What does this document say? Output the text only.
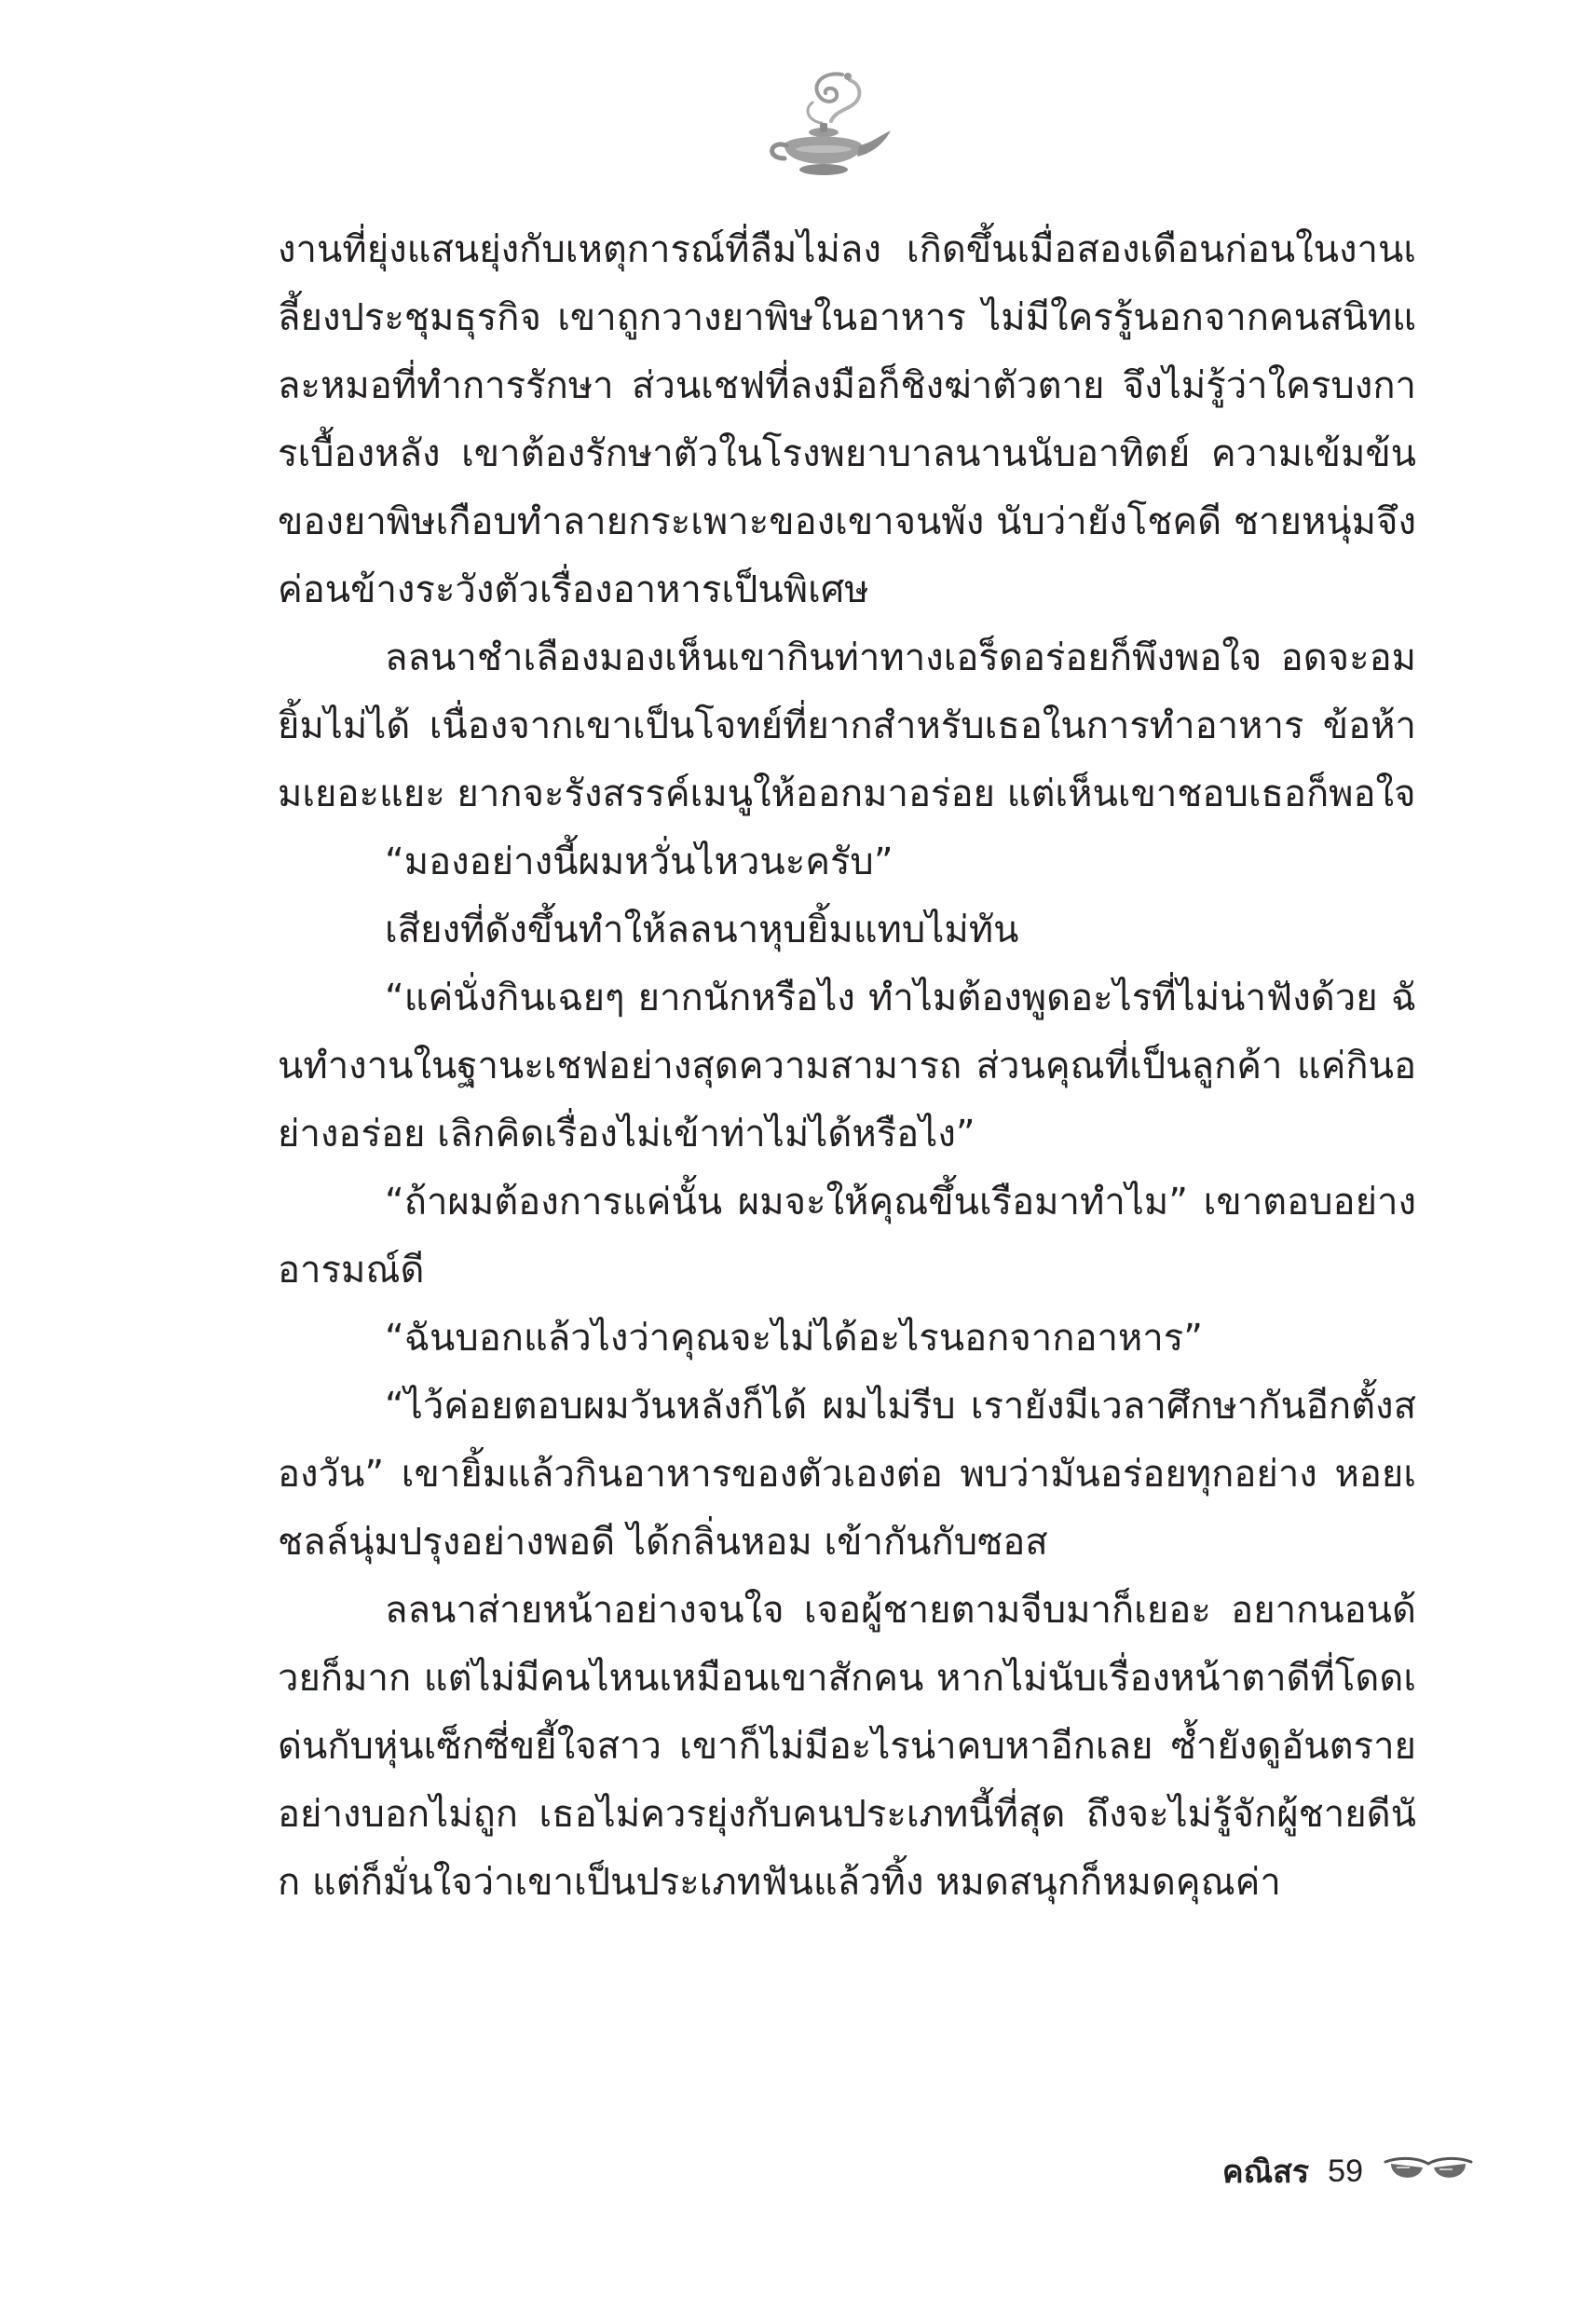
งานที่ยุ่งแสนยุ่งกับเหตุการณ์ที่ลืมไม่ลง เกิดขึ้นเมื่อสองเดือนก่อนในงานเลี้ยงประชุมธุรกิจ เขาถูกวางยาพิษในอาหาร ไม่มีใครรู้นอกจากคนสนิทและหมอที่ทำการรักษา ส่วนเชฟที่ลงมือก็ชิงฆ่าตัวตาย จึงไม่รู้ว่าใครบงการเบื้องหลัง เขาต้องรักษาตัวในโรงพยาบาลนานนับอาทิตย์ ความเข้มข้นของยาพิษเกือบทำลายกระเพาะของเขาจนพัง นับว่ายังโชคดี ชายหนุ่มจึงค่อนข้างระวังตัวเรื่องอาหารเป็นพิเศษ

ลลนาชำเลืองมองเห็นเขากินท่าทางเอร็ดอร่อยก็พึงพอใจ อดจะอมยิ้มไม่ได้ เนื่องจากเขาเป็นโจทย์ที่ยากสำหรับเธอในการทำอาหาร ข้อห้ามเยอะแยะ ยากจะรังสรรค์เมนูให้ออกมาอร่อย แต่เห็นเขาชอบเธอก็พอใจ

“มองอย่างนี้ผมหวั่นไหวนะครับ”

เสียงที่ดังขึ้นทำให้ลลนาหุบยิ้มแทบไม่ทัน

“แค่นั่งกินเฉยๆ ยากนักหรือไง ทำไมต้องพูดอะไรที่ไม่น่าฟังด้วย ฉันทำงานในฐานะเชฟอย่างสุดความสามารถ ส่วนคุณที่เป็นลูกค้า แค่กินอย่างอร่อย เลิกคิดเรื่องไม่เข้าท่าไม่ได้หรือไง”

“ถ้าผมต้องการแค่นั้น ผมจะให้คุณขึ้นเรือมาทำไม” เขาตอบอย่างอารมณ์ดี

“ฉันบอกแล้วไงว่าคุณจะไม่ได้อะไรนอกจากอาหาร”

“ไว้ค่อยตอบผมวันหลังก็ได้ ผมไม่รีบ เรายังมีเวลาศึกษากันอีกตั้งสองวัน” เขายิ้มแล้วกินอาหารของตัวเองต่อ พบว่ามันอร่อยทุกอย่าง หอยเชลล์นุ่มปรุงอย่างพอดี ได้กลิ่นหอม เข้ากันกับซอส

ลลนาส่ายหน้าอย่างจนใจ เจอผู้ชายตามจีบมาก็เยอะ อยากนอนด้วยก็มาก แต่ไม่มีคนไหนเหมือนเขาสักคน หากไม่นับเรื่องหน้าตาดีที่โดดเด่นกับหุ่นเซ็กซี่ขยี้ใจสาว เขาก็ไม่มีอะไรน่าคบหาอีกเลย ซ้ำยังดูอันตรายอย่างบอกไม่ถูก เธอไม่ควรยุ่งกับคนประเภทนี้ที่สุด ถึงจะไม่รู้จักผู้ชายดีนัก แต่ก็มั่นใจว่าเขาเป็นประเภทฟันแล้วทิ้ง หมดสนุกก็หมดคุณค่า

คณิสร 59
